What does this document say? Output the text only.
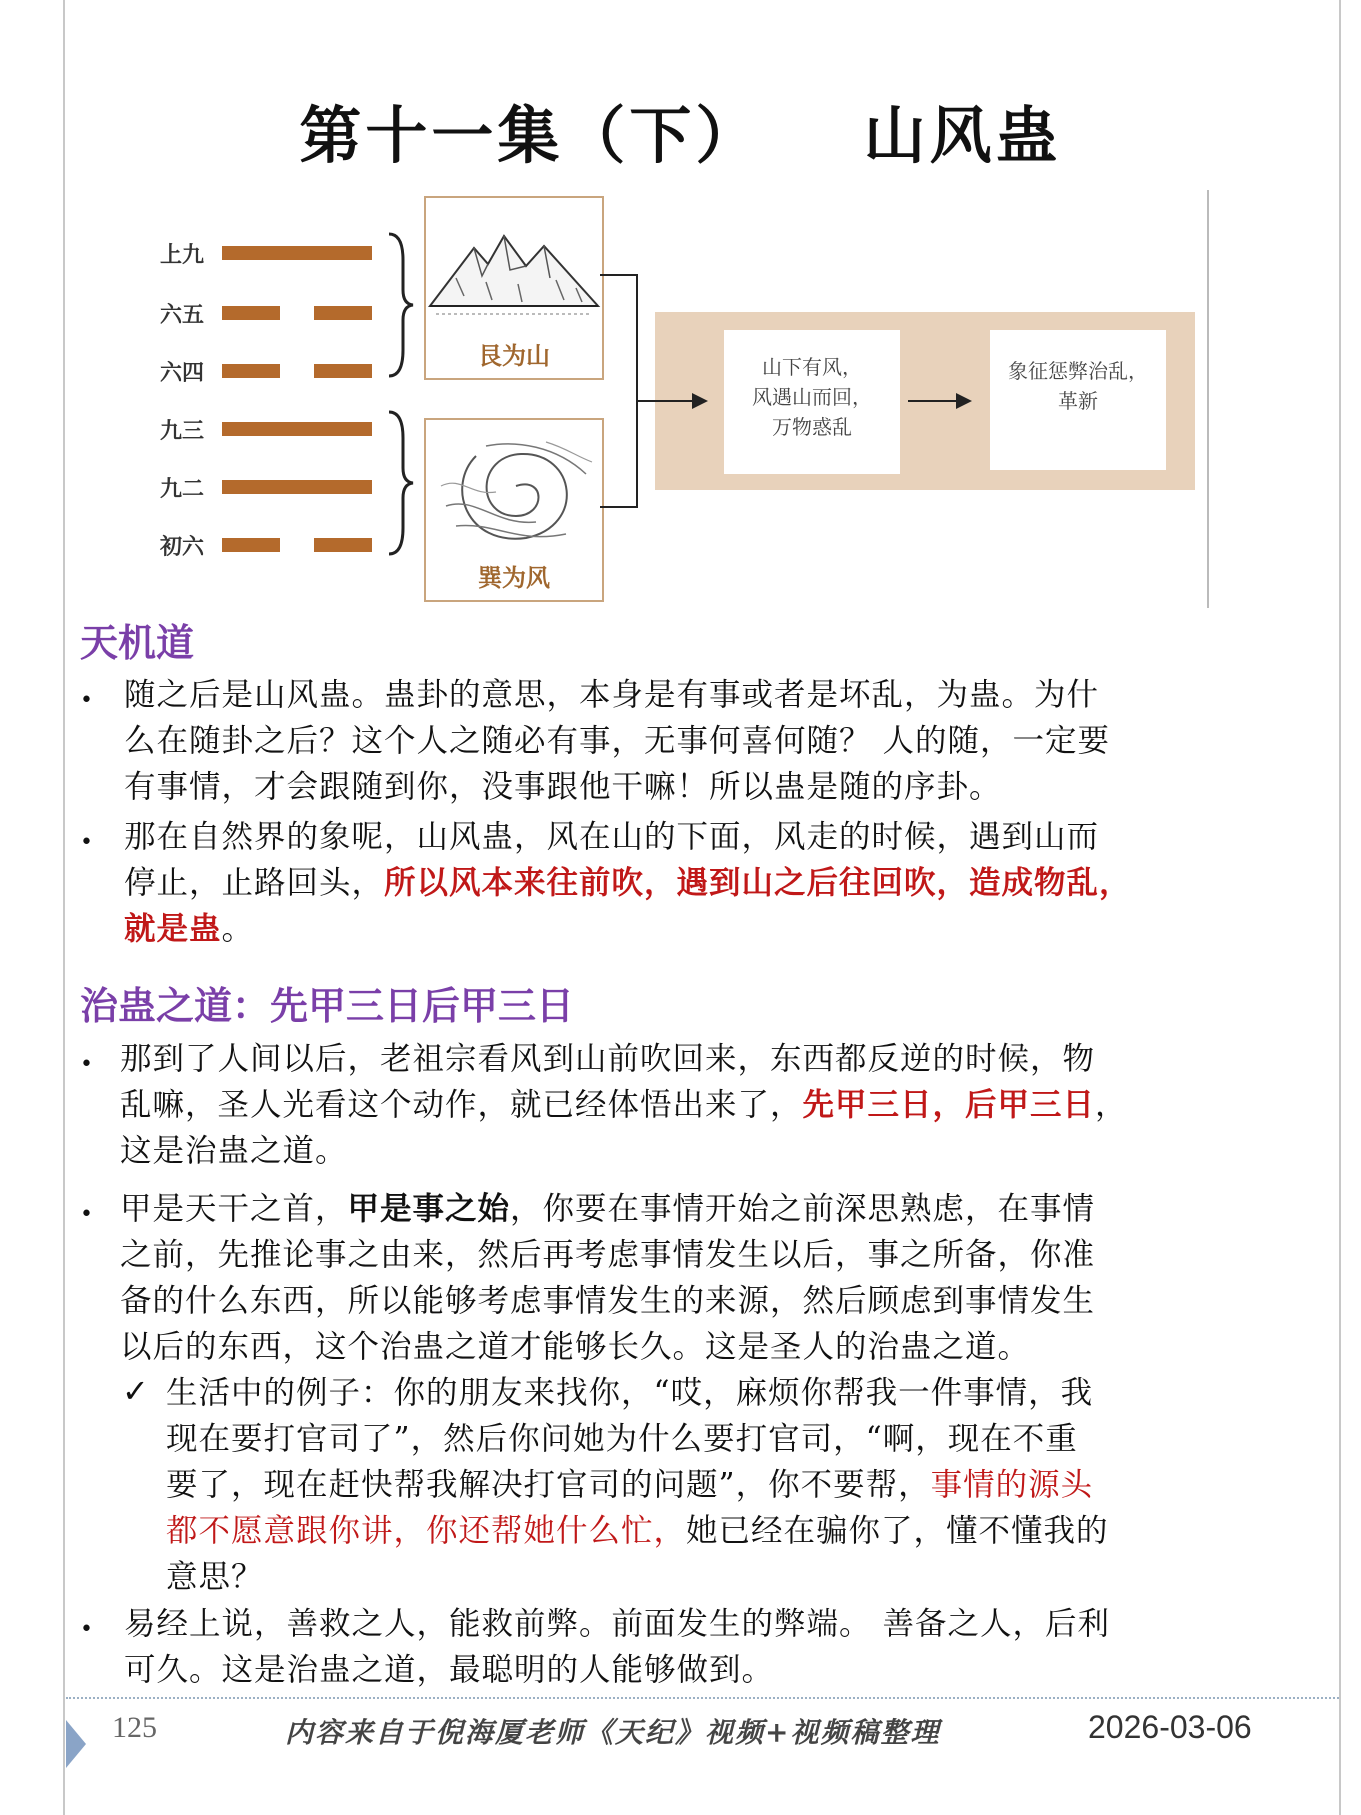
第十一集（下）    山风蛊
上九
六五
六四
九三
九二
初六
艮为山
巽为风
山下有风，
风遇山而回，
万物惑乱
象征惩弊治乱，
革新
天机道
• 随之后是山风蛊。蛊卦的意思，本身是有事或者是坏乱，为蛊。为什
么在随卦之后？这个人之随必有事，无事何喜何随？ 人的随，一定要
有事情，才会跟随到你，没事跟他干嘛！所以蛊是随的序卦。
• 那在自然界的象呢，山风蛊，风在山的下面，风走的时候，遇到山而
停止，止路回头，所以风本来往前吹，遇到山之后往回吹，造成物乱，
就是蛊。
治蛊之道：先甲三日后甲三日
• 那到了人间以后，老祖宗看风到山前吹回来，东西都反逆的时候，物
乱嘛，圣人光看这个动作，就已经体悟出来了，先甲三日，后甲三日，
这是治蛊之道。
• 甲是天干之首，甲是事之始，你要在事情开始之前深思熟虑，在事情
之前，先推论事之由来，然后再考虑事情发生以后，事之所备，你准
备的什么东西，所以能够考虑事情发生的来源，然后顾虑到事情发生
以后的东西，这个治蛊之道才能够长久。这是圣人的治蛊之道。
✓ 生活中的例子：你的朋友来找你，“哎，麻烦你帮我一件事情，我
现在要打官司了”，然后你问她为什么要打官司，“啊，现在不重
要了，现在赶快帮我解决打官司的问题”，你不要帮，事情的源头
都不愿意跟你讲，你还帮她什么忙，她已经在骗你了，懂不懂我的
意思？
• 易经上说，善救之人，能救前弊。前面发生的弊端。 善备之人，后利
可久。这是治蛊之道，最聪明的人能够做到。
125	内容来自于倪海厦老师《天纪》视频+视频稿整理	2026-03-06
